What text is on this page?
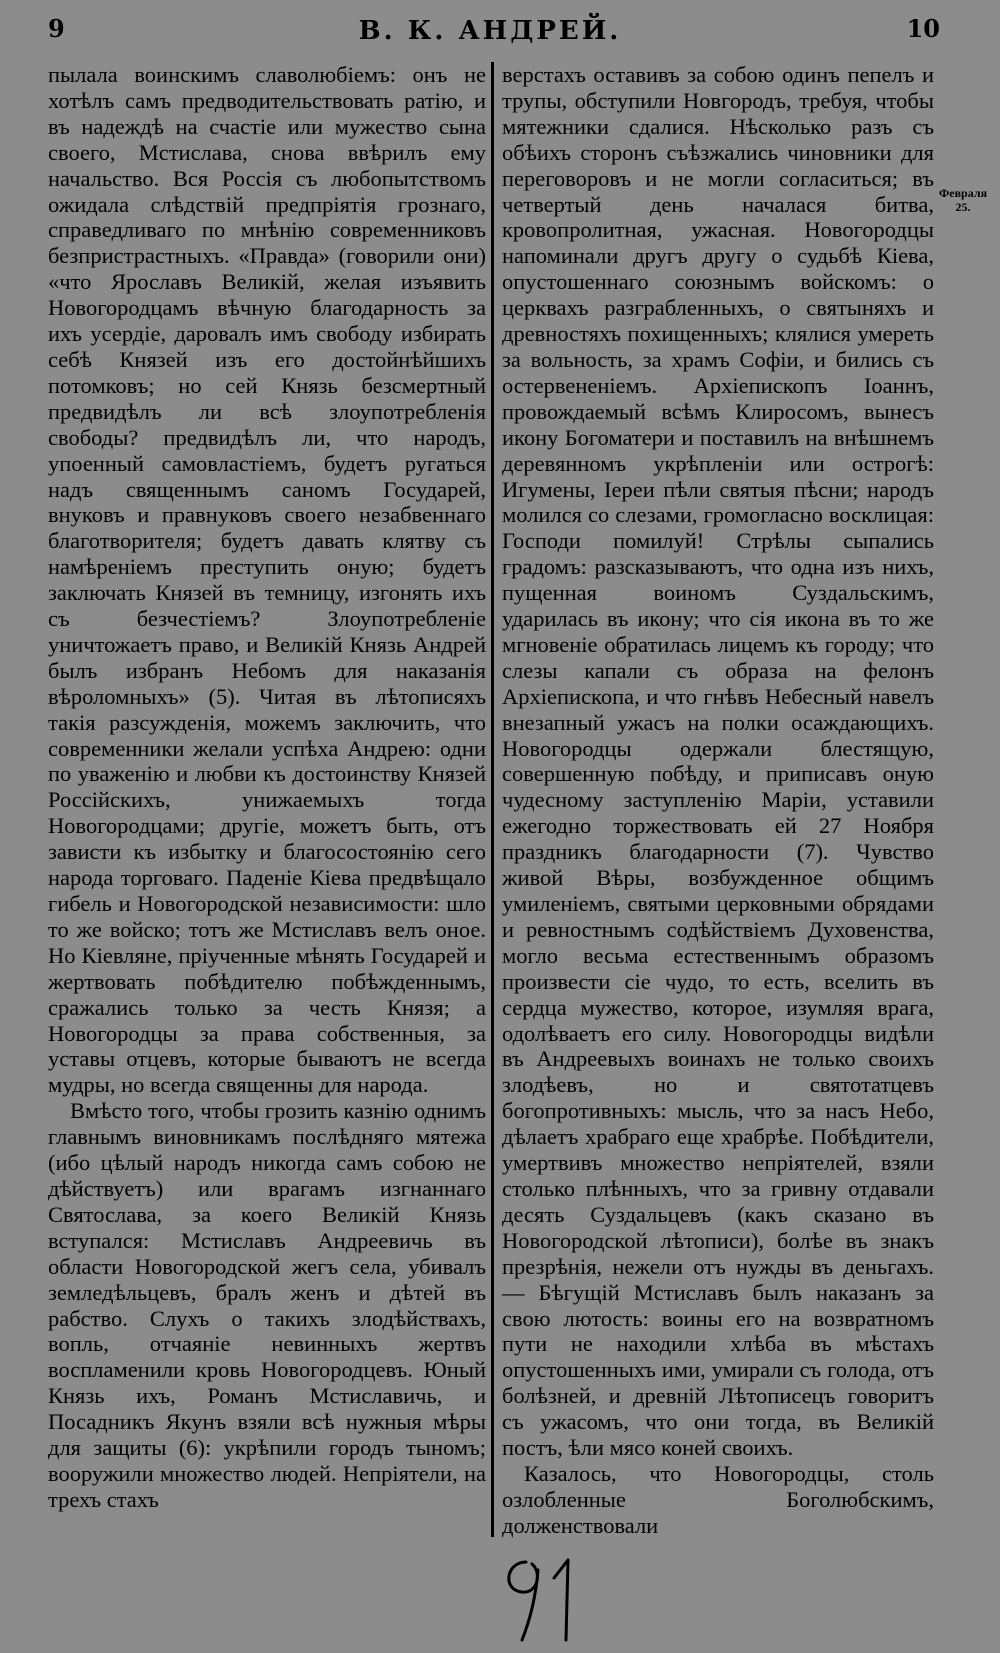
9	В. К. АНДРЕЙ.	10

пылала воинскимъ славолюбіемъ: онъ не хотѣлъ самъ предводительствовать ратію, и въ надеждѣ на счастіе или мужество сына своего, Мстислава, снова ввѣрилъ ему начальство. Вся Россія съ любопытствомъ ожидала слѣдствій предпріятія грознаго, справедливаго по мнѣнію современниковъ безпристрастныхъ. «Правда» (говорили они) «что Ярославъ Великій, желая изъявить Новогородцамъ вѣчную благодарность за ихъ усердіе, даровалъ имъ свободу избирать себѣ Князей изъ его достойнѣйшихъ потомковъ; но сей Князь безсмертный предвидѣлъ ли всѣ злоупотребленія свободы? предвидѣлъ ли, что народъ, упоенный самовластіемъ, будетъ ругаться надъ священнымъ саномъ Государей, внуковъ и правнуковъ своего незабвеннаго благотворителя; будетъ давать клятву съ намѣреніемъ преступить оную; будетъ заключать Князей въ темницу, изгонять ихъ съ безчестіемъ? Злоупотребленіе уничтожаетъ право, и Великій Князь Андрей былъ избранъ Небомъ для наказанія вѣроломныхъ» (5). Читая въ лѣтописяхъ такія разсужденія, можемъ заключить, что современники желали успѣха Андрею: одни по уваженію и любви къ достоинству Князей Россійскихъ, унижаемыхъ тогда Новогородцами; другіе, можетъ быть, отъ зависти къ избытку и благосостоянію сего народа торговаго. Паденіе Кіева предвѣщало гибель и Новогородской независимости: шло то же войско; тотъ же Мстиславъ велъ оное. Но Кіевляне, пріученные мѣнять Государей и жертвовать побѣдителю побѣжденнымъ, сражались только за честь Князя; а Новогородцы за права собственныя, за уставы отцевъ, которые бываютъ не всегда мудры, но всегда священны для народа.

Вмѣсто того, чтобы грозить казнію однимъ главнымъ виновникамъ послѣдняго мятежа (ибо цѣлый народъ никогда самъ собою не дѣйствуетъ) или врагамъ изгнаннаго Святослава, за коего Великій Князь вступался: Мстиславъ Андреевичь въ области Новогородской жегъ села, убивалъ земледѣльцевъ, бралъ женъ и дѣтей въ рабство. Слухъ о такихъ злодѣйствахъ, вопль, отчаяніе невинныхъ жертвъ воспламенили кровь Новогородцевъ. Юный Князь ихъ, Романъ Мстиславичь, и Посадникъ Якунъ взяли всѣ нужныя мѣры для защиты (6): укрѣпили городъ тыномъ; вооружили множество людей. Непріятели, на трехъ стахъ

верстахъ оставивъ за собою одинъ пепелъ и трупы, обступили Новгородъ, требуя, чтобы мятежники сдалися. Нѣсколько разъ съ обѣихъ сторонъ съѣзжались чиновники для переговоровъ и не могли согласиться; въ четвертый день началася битва, кровопролитная, ужасная. Новогородцы напоминали другъ другу о судьбѣ Кіева, опустошеннаго союзнымъ войскомъ: о церквахъ разграбленныхъ, о святыняхъ и древностяхъ похищенныхъ; клялися умереть за вольность, за храмъ Софіи, и бились съ остервененіемъ. Архіепископъ Іоаннъ, провождаемый всѣмъ Клиросомъ, вынесъ икону Богоматери и поставилъ на внѣшнемъ деревянномъ укрѣпленіи или острогѣ: Игумены, Іереи пѣли святыя пѣсни; народъ молился со слезами, громогласно восклицая: Господи помилуй! Стрѣлы сыпались градомъ: разсказываютъ, что одна изъ нихъ, пущенная воиномъ Суздальскимъ, ударилась въ икону; что сія икона въ то же мгновеніе обратилась лицемъ къ городу; что слезы капали съ образа на фелонъ Архіепископа, и что гнѣвъ Небесный навелъ внезапный ужасъ на полки осаждающихъ. Новогородцы одержали блестящую, совершенную побѣду, и приписавъ оную чудесному заступленію Маріи, уставили ежегодно торжествовать ей 27 Ноября праздникъ благодарности (7). Чувство живой Вѣры, возбужденное общимъ умиленіемъ, святыми церковными обрядами и ревностнымъ содѣйствіемъ Духовенства, могло весьма естественнымъ образомъ произвести сіе чудо, то есть, вселить въ сердца мужество, которое, изумляя врага, одолѣваетъ его силу. Новогородцы видѣли въ Андреевыхъ воинахъ не только своихъ злодѣевъ, но и святотатцевъ богопротивныхъ: мысль, что за насъ Небо, дѣлаетъ храбраго еще храбрѣе. Побѣдители, умертвивъ множество непріятелей, взяли столько плѣнныхъ, что за гривну отдавали десять Суздальцевъ (какъ сказано въ Новогородской лѣтописи), болѣе въ знакъ презрѣнія, нежели отъ нужды въ деньгахъ. — Бѣгущій Мстиславъ былъ наказанъ за свою лютость: воины его на возвратномъ пути не находили хлѣба въ мѣстахъ опустошенныхъ ими, умирали съ голода, отъ болѣзней, и древній Лѣтописецъ говоритъ съ ужасомъ, что они тогда, въ Великій постъ, ѣли мясо коней своихъ.

Казалось, что Новогородцы, столь озлобленные Боголюбскимъ, долженствовали

Февраля 25.
